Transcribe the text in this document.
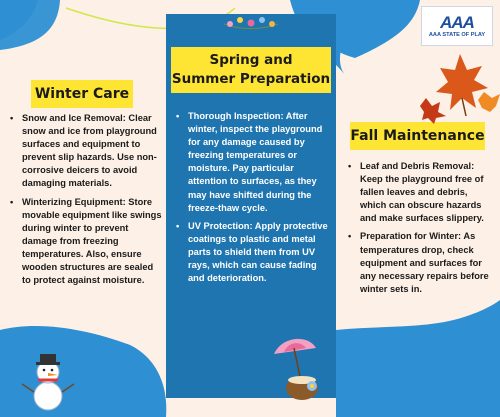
AAA
AAA STATE OF PLAY
Winter Care
Spring and
Summer Preparation
Fall Maintenance
• Snow and Ice Removal: Clear snow and ice from playground surfaces and equipment to prevent slip hazards. Use non-corrosive deicers to avoid damaging materials.
• Winterizing Equipment: Store movable equipment like swings during winter to prevent damage from freezing temperatures. Also, ensure wooden structures are sealed to protect against moisture.
• Thorough Inspection: After winter, inspect the playground for any damage caused by freezing temperatures or moisture. Pay particular attention to surfaces, as they may have shifted during the freeze-thaw cycle.
• UV Protection: Apply protective coatings to plastic and metal parts to shield them from UV rays, which can cause fading and deterioration.
• Leaf and Debris Removal: Keep the playground free of fallen leaves and debris, which can obscure hazards and make surfaces slippery.
• Preparation for Winter: As temperatures drop, check equipment and surfaces for any necessary repairs before winter sets in.
